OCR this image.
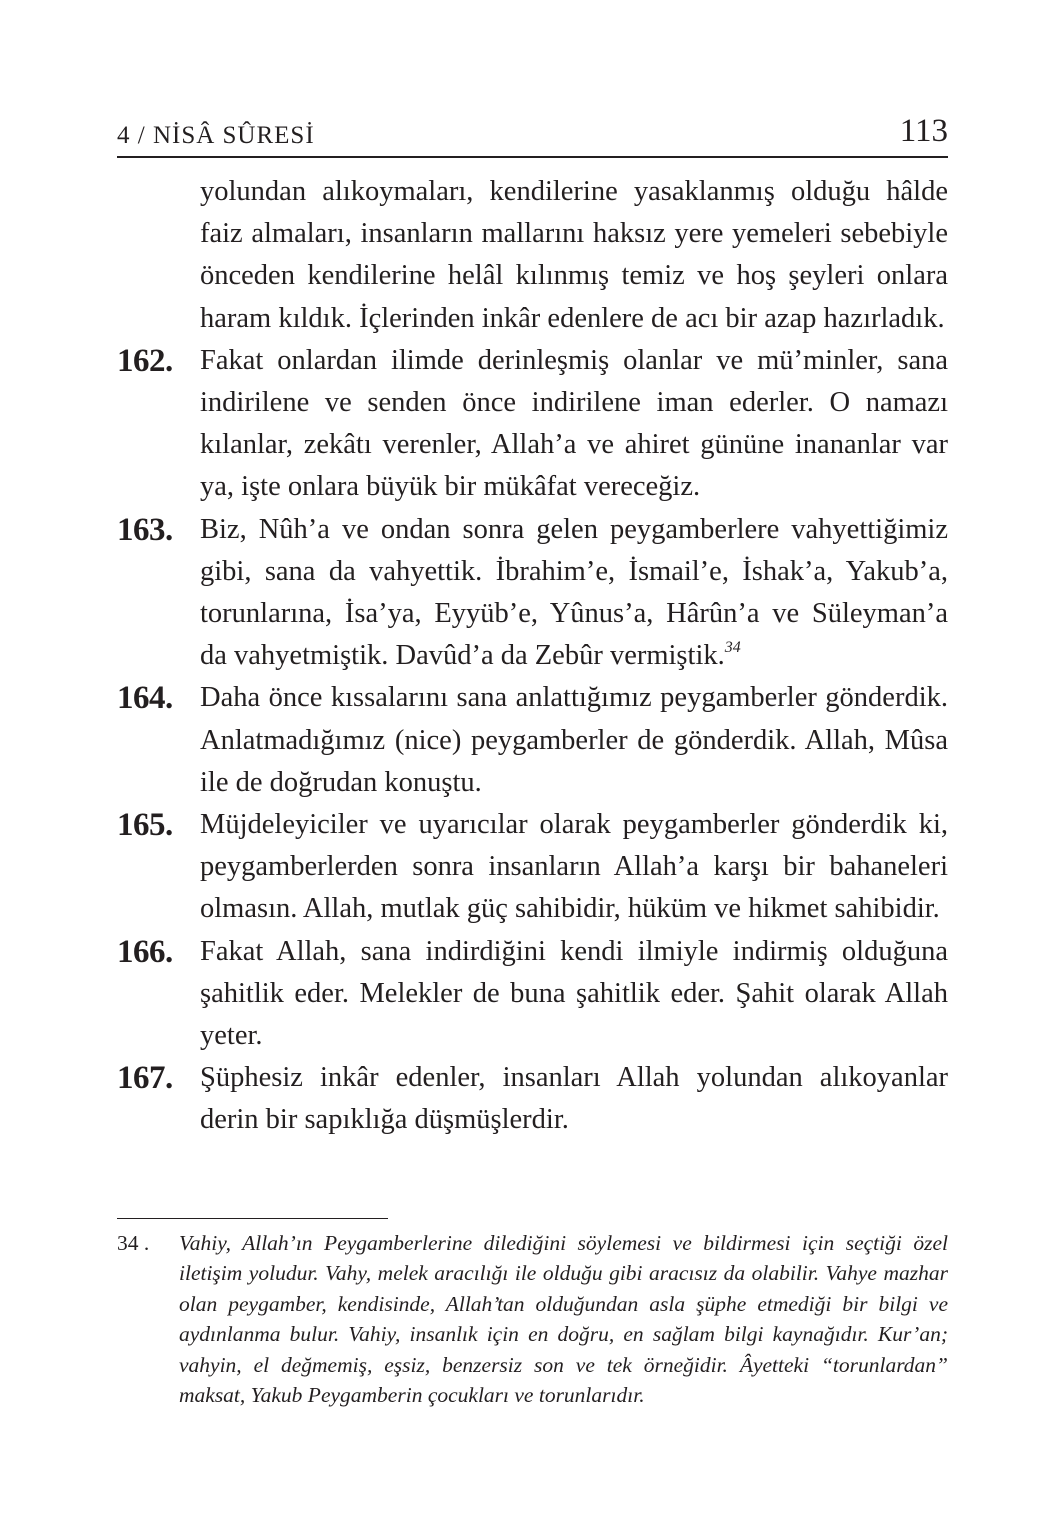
4 / NİSÂ SÛRESİ	113
yolundan alıkoymaları, kendilerine yasaklanmış olduğu hâlde faiz almaları, insanların mallarını haksız yere yemeleri sebebiyle önceden kendilerine helâl kılınmış temiz ve hoş şeyleri onlara haram kıldık. İçlerinden inkâr edenlere de acı bir azap hazırladık.
162. Fakat onlardan ilimde derinleşmiş olanlar ve mü’minler, sana indirilene ve senden önce indirilene iman ederler. O namazı kılanlar, zekâtı verenler, Allah’a ve ahiret gününe inananlar var ya, işte onlara büyük bir mükâfat vereceğiz.
163. Biz, Nûh’a ve ondan sonra gelen peygamberlere vahyettiğimiz gibi, sana da vahyettik. İbrahim’e, İsmail’e, İshak’a, Yakub’a, torunlarına, İsa’ya, Eyyüb’e, Yûnus’a, Hârûn’a ve Süleyman’a da vahyetmiştik. Davûd’a da Zebûr vermiştik.$^{34}$
164. Daha önce kıssalarını sana anlattığımız peygamberler gönderdik. Anlatmadığımız (nice) peygamberler de gönderdik. Allah, Mûsa ile de doğrudan konuştu.
165. Müjdeleyiciler ve uyarıcılar olarak peygamberler gönderdik ki, peygamberlerden sonra insanların Allah’a karşı bir bahaneleri olmasın. Allah, mutlak güç sahibidir, hüküm ve hikmet sahibidir.
166. Fakat Allah, sana indirdiğini kendi ilmiyle indirmiş olduğuna şahitlik eder. Melekler de buna şahitlik eder. Şahit olarak Allah yeter.
167. Şüphesiz inkâr edenler, insanları Allah yolundan alıkoyanlar derin bir sapıklığa düşmüşlerdir.
34 .	Vahiy, Allah’ın Peygamberlerine dilediğini söylemesi ve bildirmesi için seçtiği özel iletişim yoludur. Vahy, melek aracılığı ile olduğu gibi aracısız da olabilir. Vahye mazhar olan peygamber, kendisinde, Allah’tan olduğundan asla şüphe etmediği bir bilgi ve aydınlanma bulur. Vahiy, insanlık için en doğru, en sağlam bilgi kaynağıdır. Kur’an; vahyin, el değmemiş, eşsiz, benzersiz son ve tek örneğidir. Âyetteki “torunlardan” maksat, Yakub Peygamberin çocukları ve torunlarıdır.
